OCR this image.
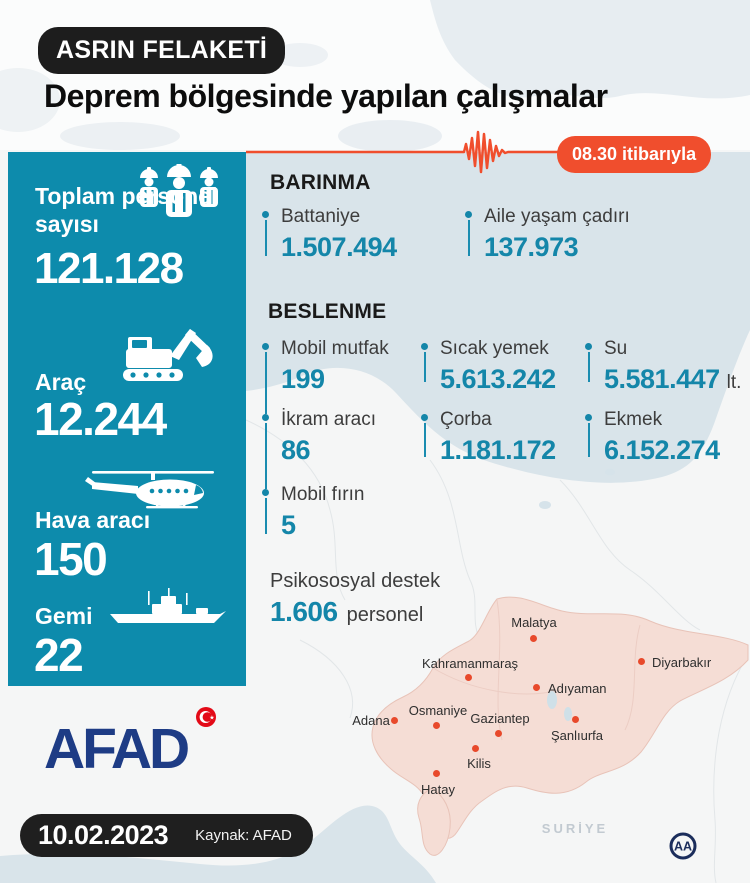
ASRIN FELAKETİ
Deprem bölgesinde yapılan çalışmalar
08.30 itibarıyla
Toplam personel sayısı
121.128
Araç
12.244
Hava aracı
150
Gemi
22
AFAD	★
10.02.2023 Kaynak: AFAD
BARINMA
Battaniye
1.507.494
Aile yaşam çadırı
137.973
BESLENME
Mobil mutfak
199
Sıcak yemek
5.613.242
Su
5.581.447 lt.
İkram aracı
86
Çorba
1.181.172
Ekmek
6.152.274
Mobil fırın
5
Psikososyal destek
1.606 personel	Malatya
Kahramanmaraş	Diyarbakır
Adıyaman
Adana
Osmaniye
Gaziantep
Şanlıurfa
Kilis
Hatay
SURİYE
AA
